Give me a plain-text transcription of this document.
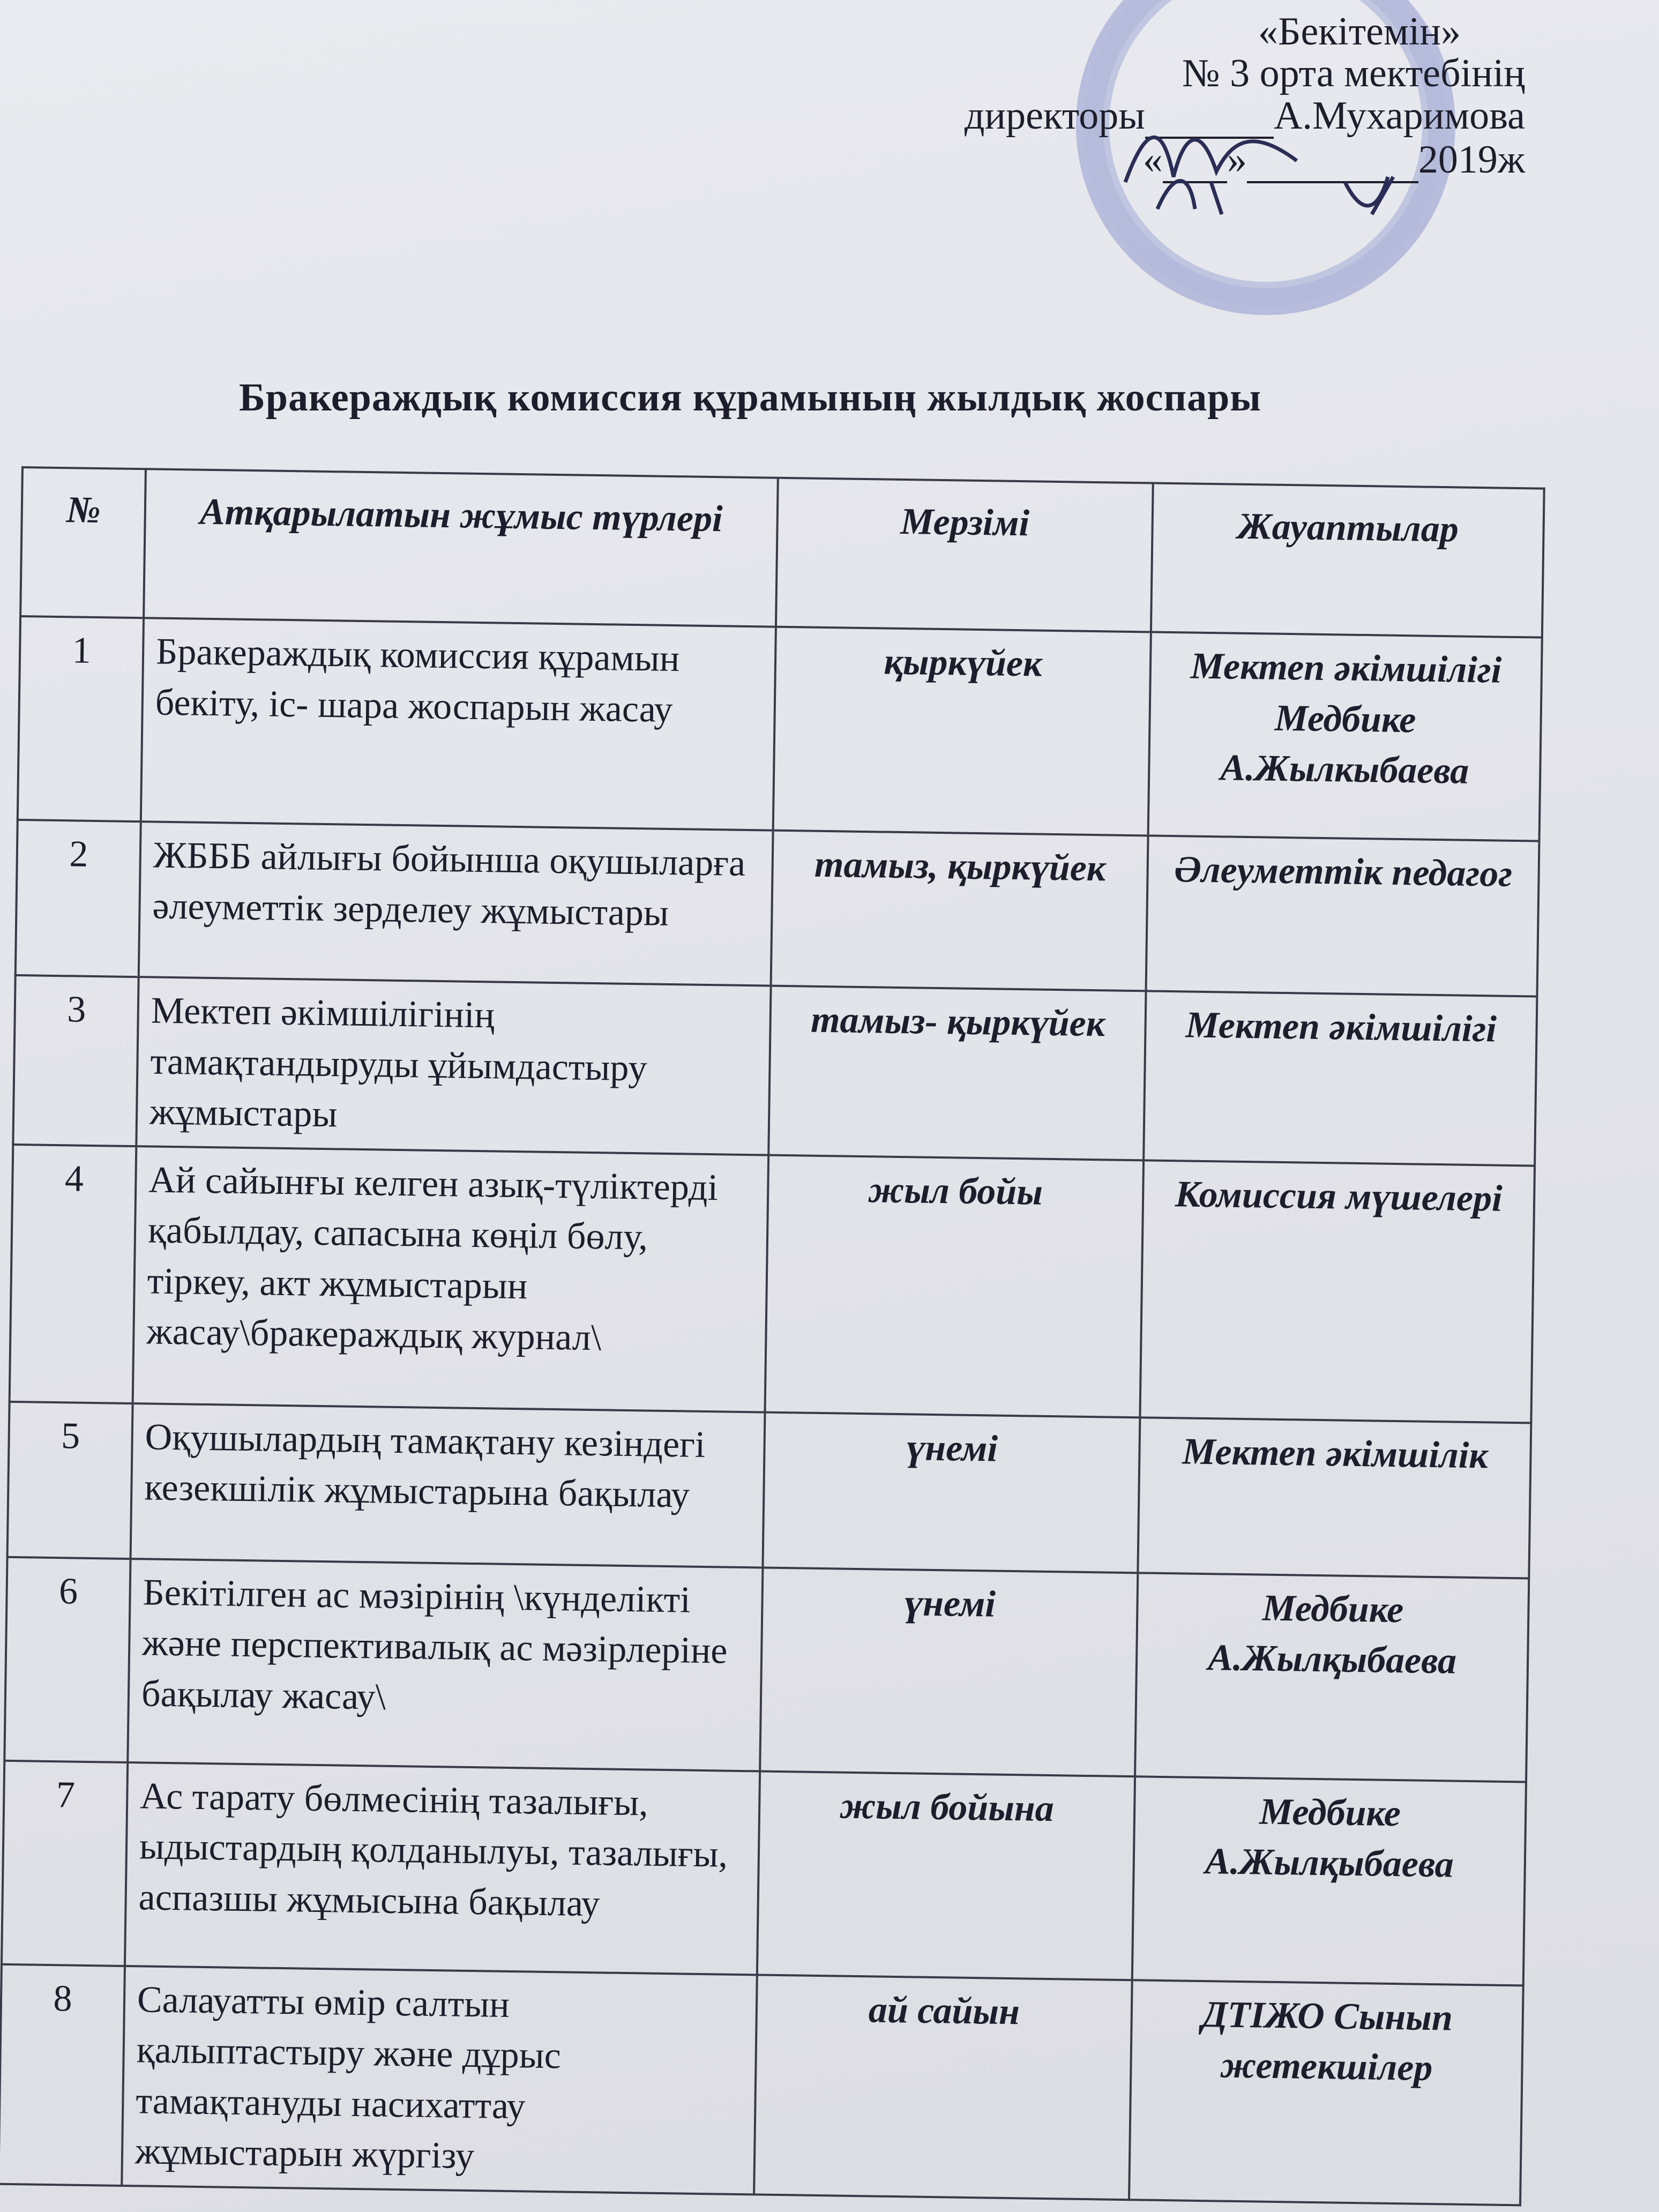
«Бекітемін»
№ 3 орта мектебінің
директоры	А.Мухаримова
« »	2019ж
Бракераждық комиссия құрамының жылдық жоспары
№	Атқарылатын жұмыс түрлері	Мерзімі	Жауаптылар
1	Бракераждық комиссия құрамын бекіту, іс- шара жоспарын жасау	қыркүйек	Мектеп әкімшілігі Медбике А.Жылкыбаева
2	ЖБББ айлығы бойынша оқушыларға әлеуметтік зерделеу жұмыстары	тамыз, қыркүйек	Әлеуметтік педагог
3	Мектеп әкімшілігінің тамақтандыруды ұйымдастыру жұмыстары	тамыз- қыркүйек	Мектеп әкімшілігі
4	Ай сайынғы келген азық-түліктерді қабылдау, сапасына көңіл бөлу, тіркеу, акт жұмыстарын жасау\бракераждық журнал\	жыл бойы	Комиссия мүшелері
5	Оқушылардың тамақтану кезіндегі кезекшілік жұмыстарына бақылау	үнемі	Мектеп әкімшілік
6	Бекітілген ас мәзірінің \күнделікті және перспективалық ас мәзірлеріне бақылау жасау\	үнемі	Медбике А.Жылқыбаева
7	Ас тарату бөлмесінің тазалығы, ыдыстардың қолданылуы, тазалығы, аспазшы жұмысына бақылау	жыл бойына	Медбике А.Жылқыбаева
8	Салауатты өмір салтын қалыптастыру және дұрыс тамақтануды насихаттау жұмыстарын жүргізу	ай сайын	ДТІЖО Сынып жетекшілер
